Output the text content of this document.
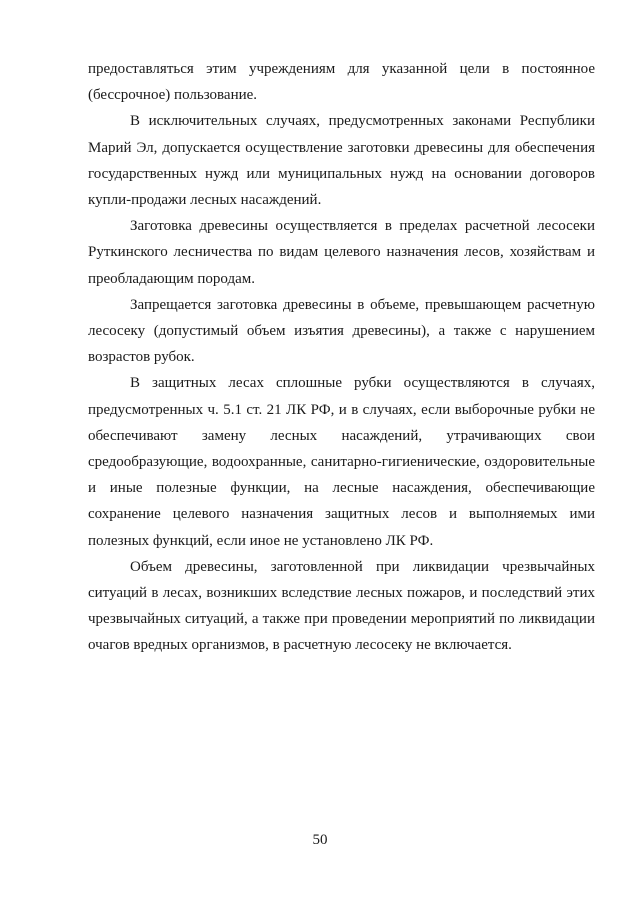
предоставляться этим учреждениям для указанной цели в постоянное (бессрочное) пользование.

В исключительных случаях, предусмотренных законами Республики Марий Эл, допускается осуществление заготовки древесины для обеспечения государственных нужд или муниципальных нужд на основании договоров купли-продажи лесных насаждений.

Заготовка древесины осуществляется в пределах расчетной лесосеки Руткинского лесничества по видам целевого назначения лесов, хозяйствам и преобладающим породам.

Запрещается заготовка древесины в объеме, превышающем расчетную лесосеку (допустимый объем изъятия древесины), а также с нарушением возрастов рубок.

В защитных лесах сплошные рубки осуществляются в случаях, предусмотренных ч. 5.1 ст. 21 ЛК РФ, и в случаях, если выборочные рубки не обеспечивают замену лесных насаждений, утрачивающих свои средообразующие, водоохранные, санитарно-гигиенические, оздоровительные и иные полезные функции, на лесные насаждения, обеспечивающие сохранение целевого назначения защитных лесов и выполняемых ими полезных функций, если иное не установлено ЛК РФ.

Объем древесины, заготовленной при ликвидации чрезвычайных ситуаций в лесах, возникших вследствие лесных пожаров, и последствий этих чрезвычайных ситуаций, а также при проведении мероприятий по ликвидации очагов вредных организмов, в расчетную лесосеку не включается.

50
